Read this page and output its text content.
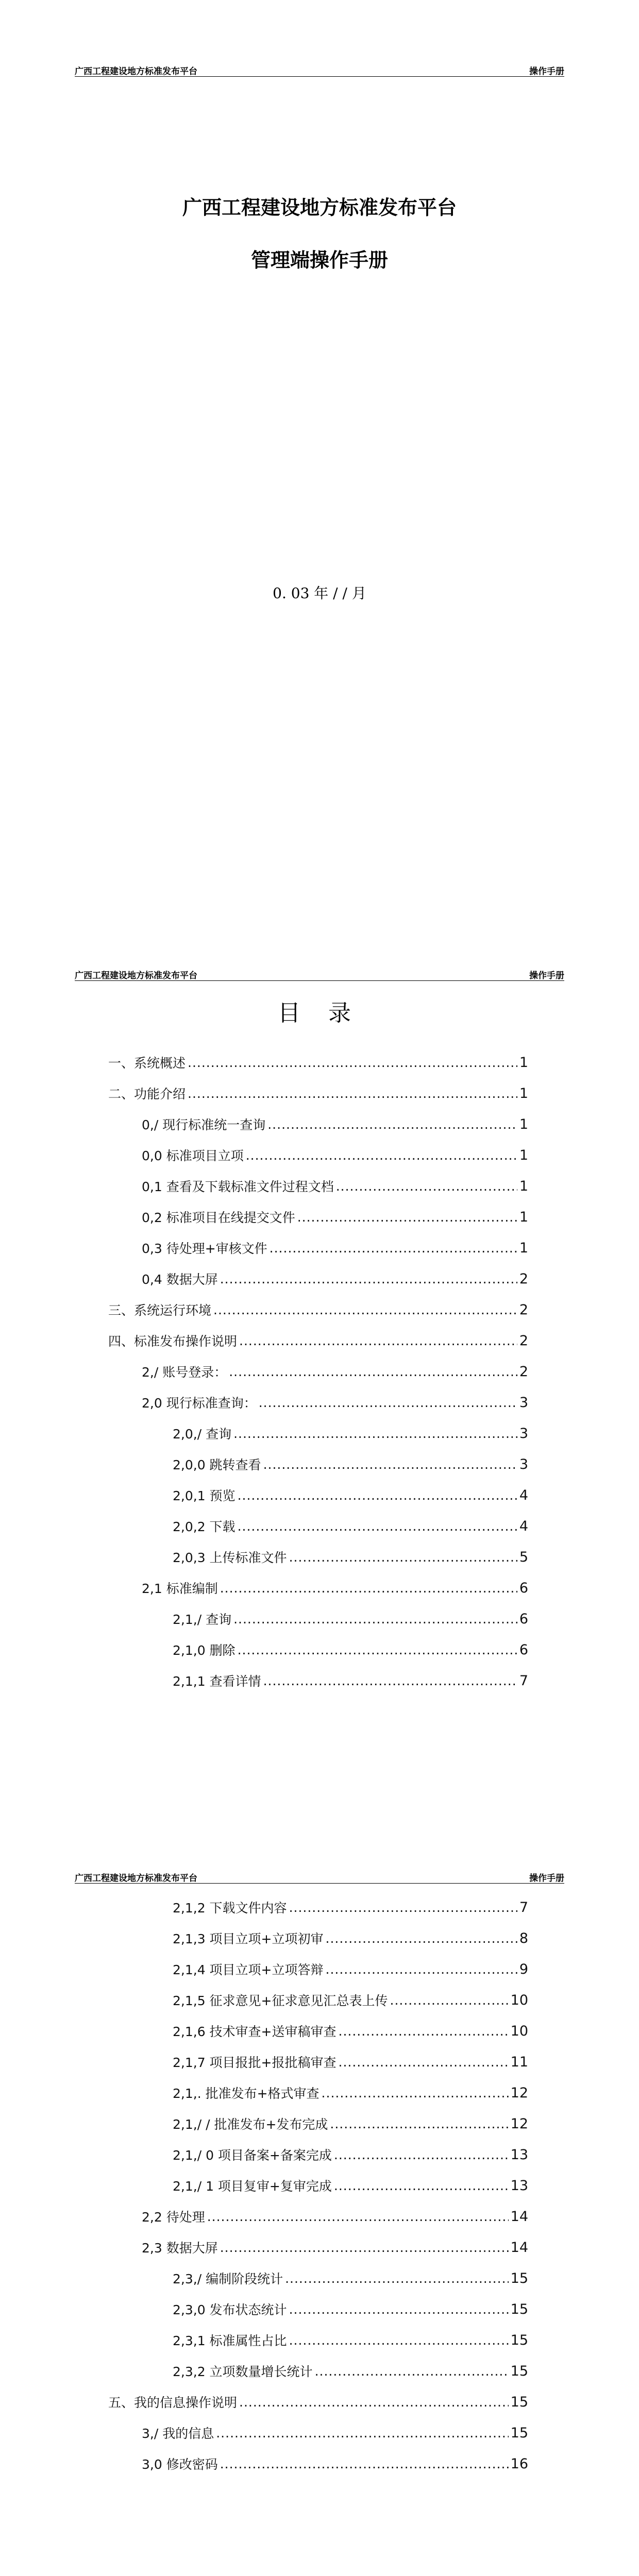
广西工程建设地方标准发布平台	操作手册
广西工程建设地方标准发布平台
管理端操作手册
0. 03 年 / / 月
广西工程建设地方标准发布平台	操作手册
目 录
一、系统概述 .....	1
二、功能介绍 .....	1
0,/ 现行标准统一查询 .....	1
0,0 标准项目立项 .....	1
0,1 查看及下载标准文件过程文档 .....	1
0,2 标准项目在线提交文件 .....	1
0,3 待处理+审核文件 .....	1
0,4 数据大屏 .....	2
三、系统运行环境 .....	2
四、标准发布操作说明 .....	2
2,/ 账号登录： .....	2
2,0 现行标准查询： .....	3
2,0,/ 查询 .....	3
2,0,0 跳转查看 .....	3
2,0,1 预览 .....	4
2,0,2 下载 .....	4
2,0,3 上传标准文件 .....	5
2,1 标准编制 .....	6
2,1,/ 查询 .....	6
2,1,0 删除 .....	6
2,1,1 查看详情 .....	7
广西工程建设地方标准发布平台	操作手册
2,1,2 下载文件内容 .....	7
2,1,3 项目立项+立项初审 .....	8
2,1,4 项目立项+立项答辩 .....	9
2,1,5 征求意见+征求意见汇总表上传 .....	10
2,1,6 技术审查+送审稿审查 .....	10
2,1,7 项目报批+报批稿审查 .....	11
2,1,. 批准发布+格式审查 .....	12
2,1,/ / 批准发布+发布完成 .....	12
2,1,/ 0 项目备案+备案完成 .....	13
2,1,/ 1 项目复审+复审完成 .....	13
2,2 待处理 .....	14
2,3 数据大屏 .....	14
2,3,/ 编制阶段统计 .....	15
2,3,0 发布状态统计 .....	15
2,3,1 标准属性占比 .....	15
2,3,2 立项数量增长统计 .....	15
五、我的信息操作说明 .....	15
3,/ 我的信息 .....	15
3,0 修改密码 .....	16
